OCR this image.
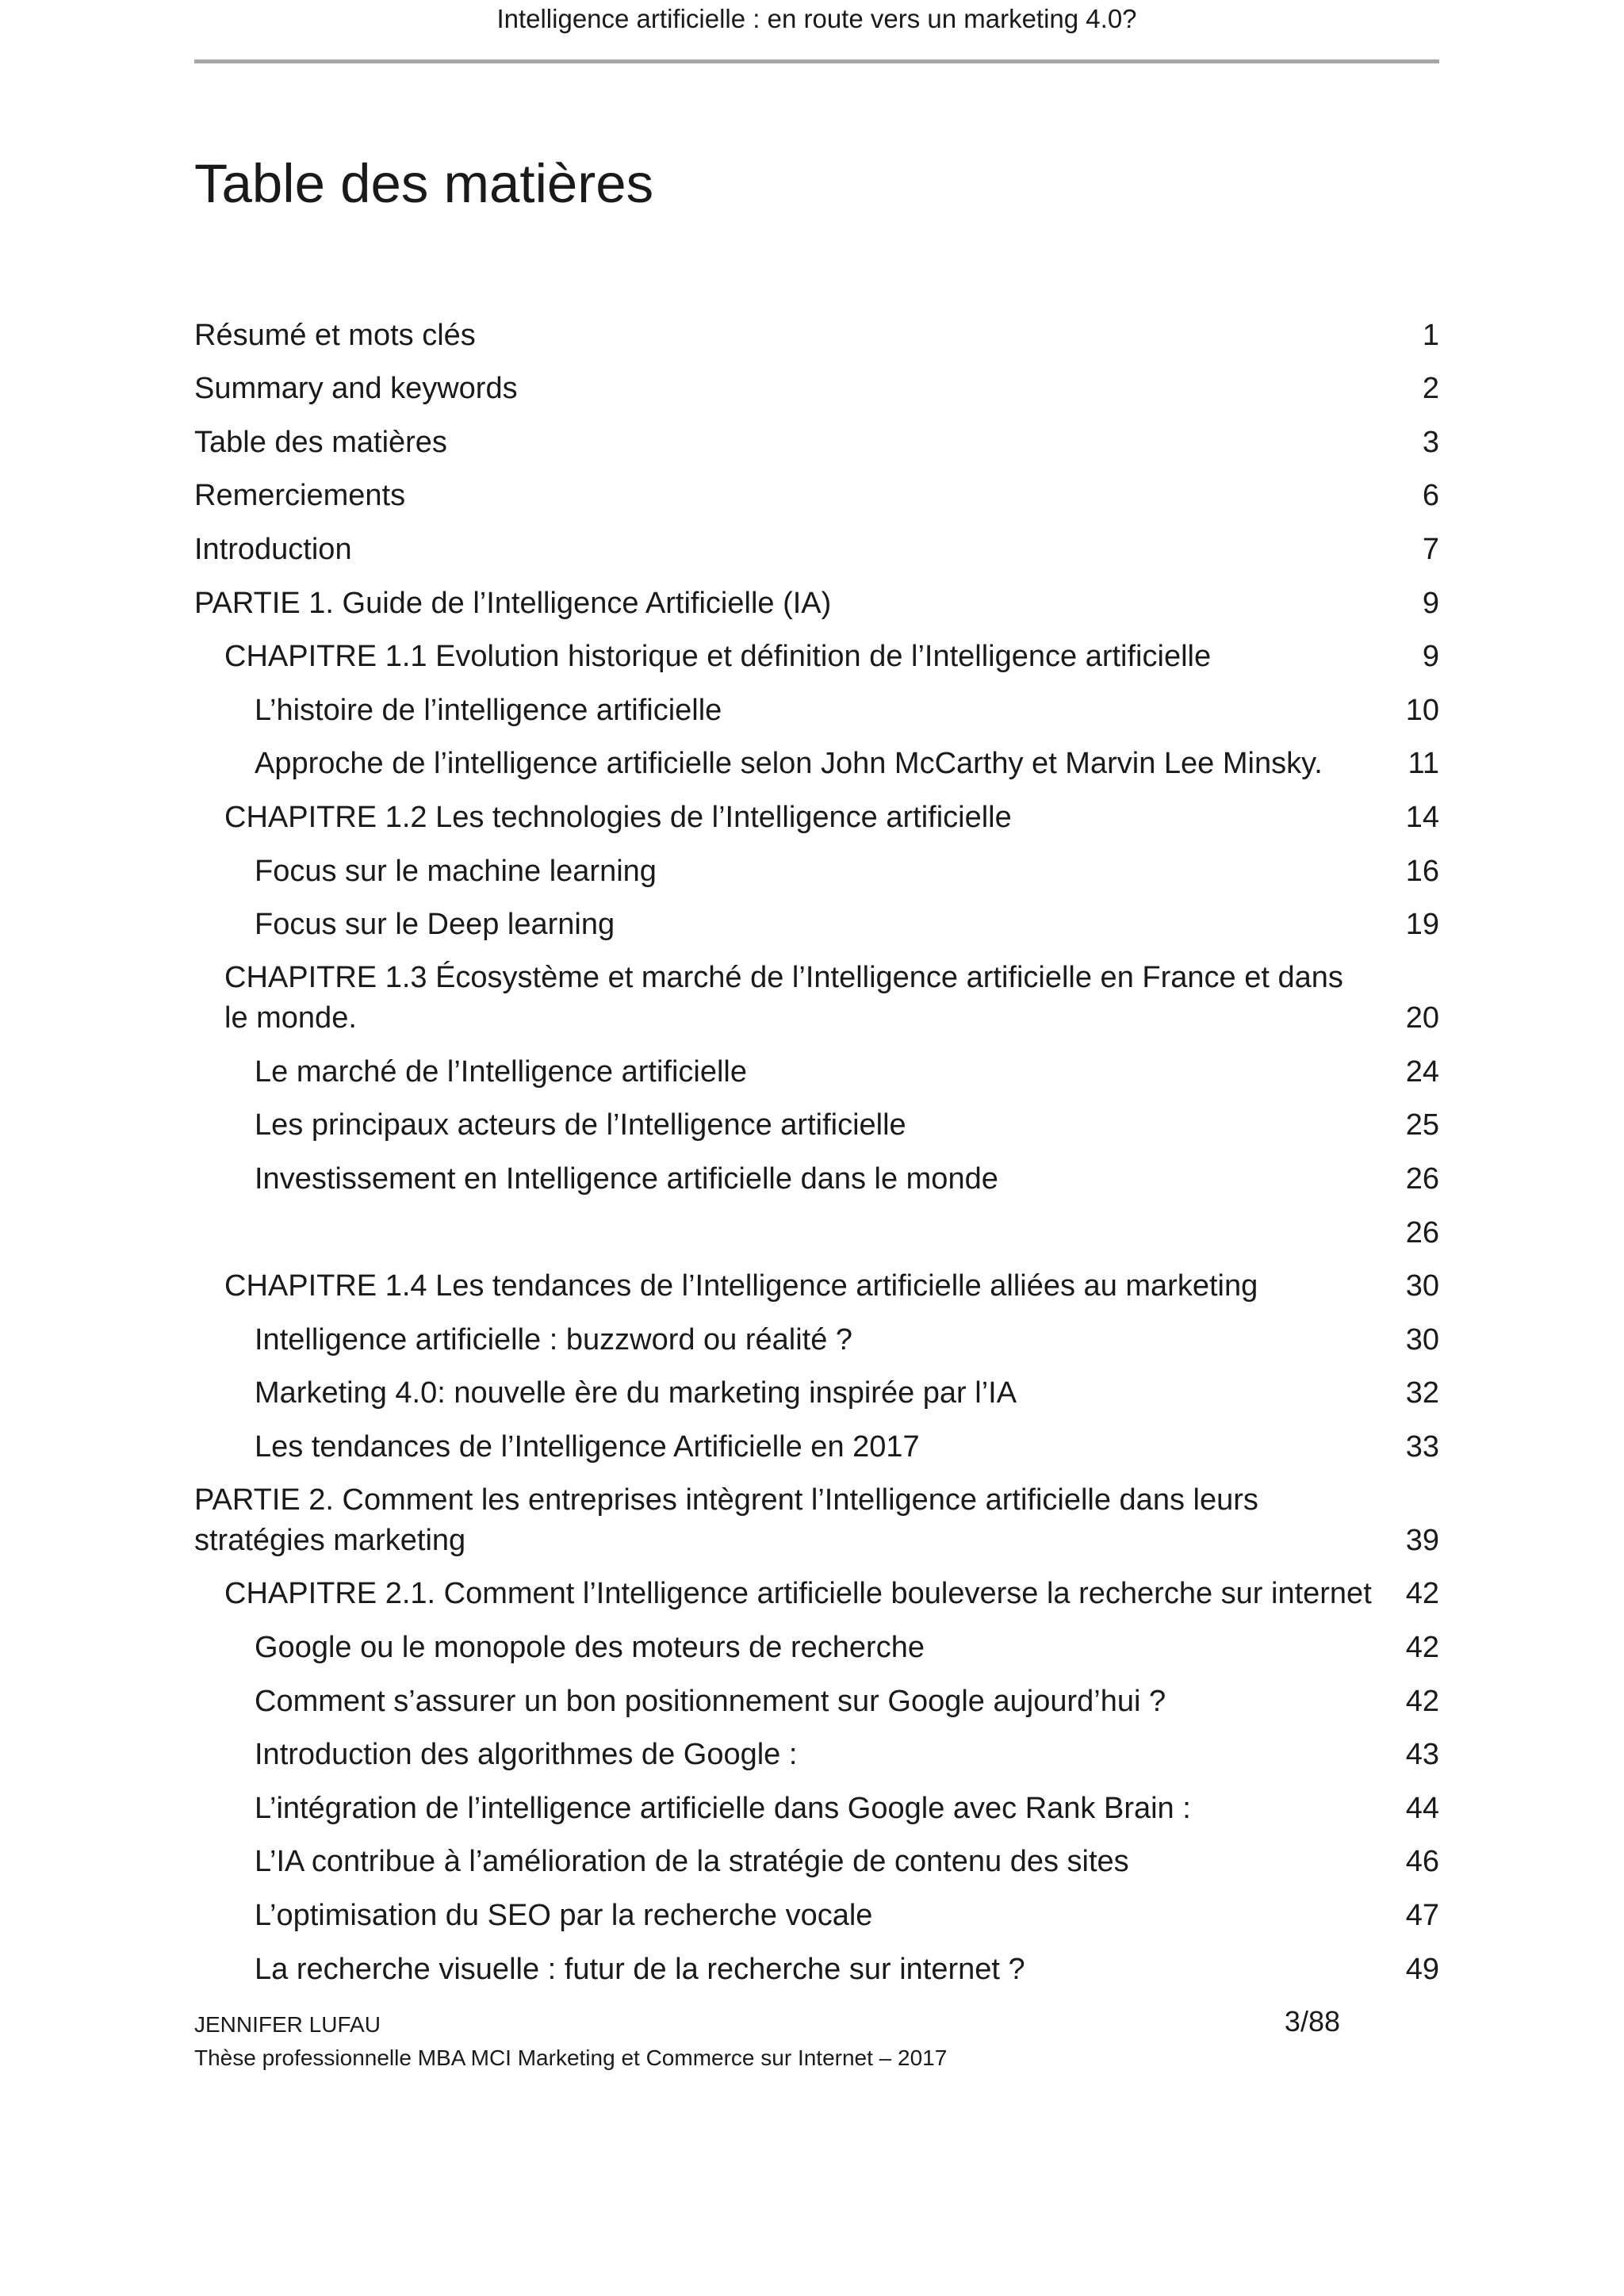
Intelligence artificielle : en route vers un marketing 4.0?
Table des matières
Résumé et mots clés	1
Summary and keywords	2
Table des matières	3
Remerciements	6
Introduction	7
PARTIE 1. Guide de l’Intelligence Artificielle (IA)	9
CHAPITRE 1.1 Evolution historique et définition de l’Intelligence artificielle	9
L’histoire de l’intelligence artificielle	10
Approche de l’intelligence artificielle selon John McCarthy et Marvin Lee Minsky.	11
CHAPITRE 1.2 Les technologies de l’Intelligence artificielle	14
Focus sur le machine learning	16
Focus sur le Deep learning	19
CHAPITRE 1.3 Écosystème et marché de l’Intelligence artificielle en France et dans le monde.	20
Le marché de l’Intelligence artificielle	24
Les principaux acteurs de l’Intelligence artificielle	25
Investissement en Intelligence artificielle dans le monde	26
26
CHAPITRE 1.4 Les tendances de l’Intelligence artificielle alliées au marketing	30
Intelligence artificielle : buzzword ou réalité ?	30
Marketing 4.0: nouvelle ère du marketing inspirée par l’IA	32
Les tendances de l’Intelligence Artificielle en 2017	33
PARTIE 2. Comment les entreprises intègrent l’Intelligence artificielle dans leurs stratégies marketing	39
CHAPITRE 2.1. Comment l’Intelligence artificielle bouleverse la recherche sur internet	42
Google ou le monopole des moteurs de recherche	42
Comment s’assurer un bon positionnement sur Google aujourd’hui ?	42
Introduction des algorithmes de Google :	43
L’intégration de l’intelligence artificielle dans Google avec Rank Brain :	44
L’IA contribue à l’amélioration de la stratégie de contenu des sites	46
L’optimisation du SEO par la recherche vocale	47
La recherche visuelle : futur de la recherche sur internet ?	49
JENNIFER LUFAU	3/88
Thèse professionnelle MBA MCI Marketing et Commerce sur Internet – 2017
